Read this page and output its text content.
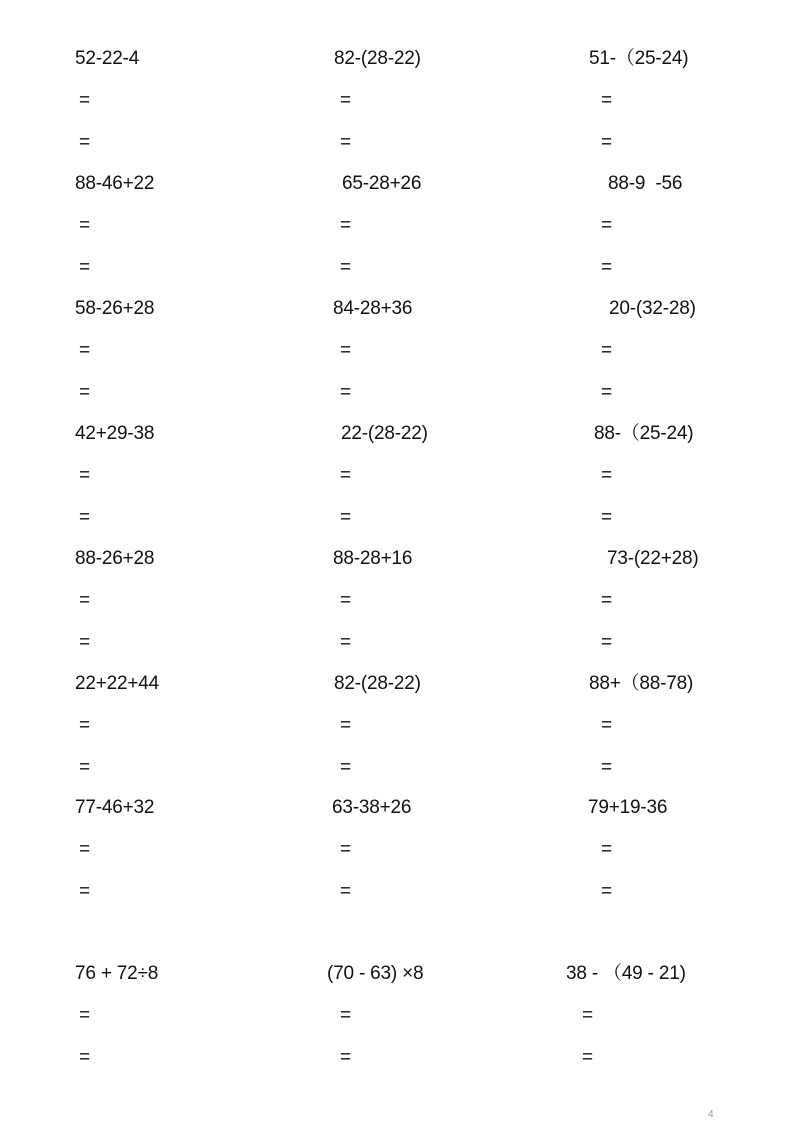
52-22-4
=
=
82-(28-22)
=
=
51-（25-24)
=
=
88-46+22
=
=
65-28+26
=
=
88-9  -56
=
=
58-26+28
=
=
84-28+36
=
=
20-(32-28)
=
=
42+29-38
=
=
22-(28-22)
=
=
88-（25-24)
=
=
88-26+28
=
=
88-28+16
=
=
73-(22+28)
=
=
22+22+44
=
=
82-(28-22)
=
=
88+（88-78)
=
=
77-46+32
=
=
63-38+26
=
=
79+19-36
=
=
76 + 72÷8
=
=
(70 - 63) ×8
=
=
38 - （49 - 21)
=
=
4
